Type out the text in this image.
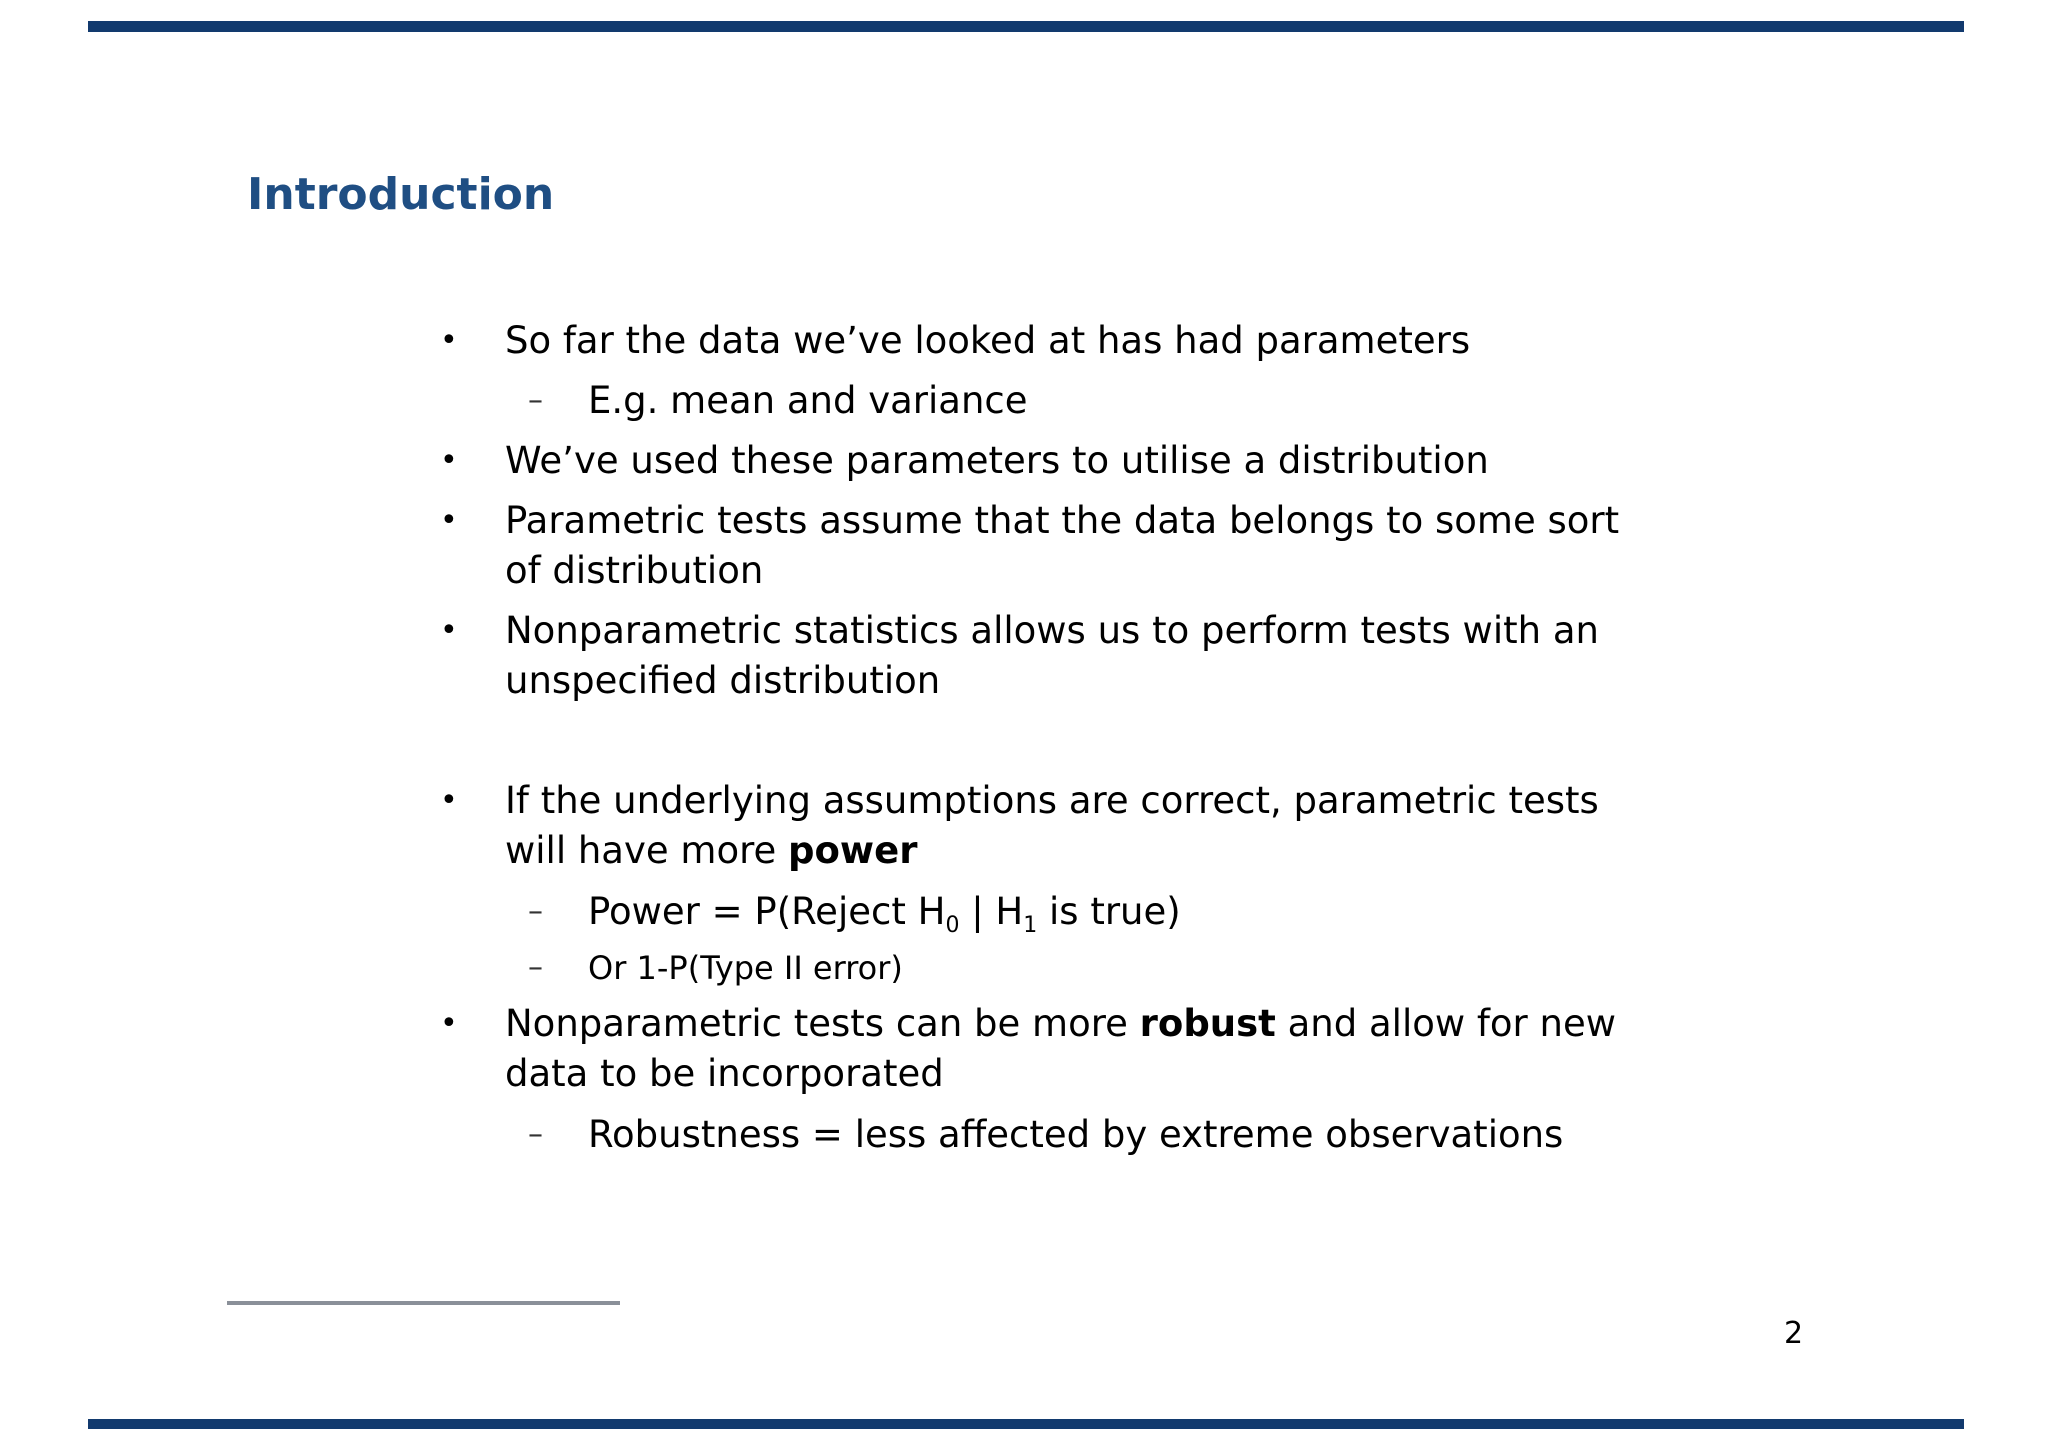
Introduction
• So far the data we’ve looked at has had parameters
– E.g. mean and variance
• We’ve used these parameters to utilise a distribution
• Parametric tests assume that the data belongs to some sort of distribution
• Nonparametric statistics allows us to perform tests with an unspecified distribution
• If the underlying assumptions are correct, parametric tests will have more power
– Power = P(Reject $H_0$ | $H_1$ is true)
– Or 1-P(Type II error)
• Nonparametric tests can be more robust and allow for new data to be incorporated
– Robustness = less affected by extreme observations
2
